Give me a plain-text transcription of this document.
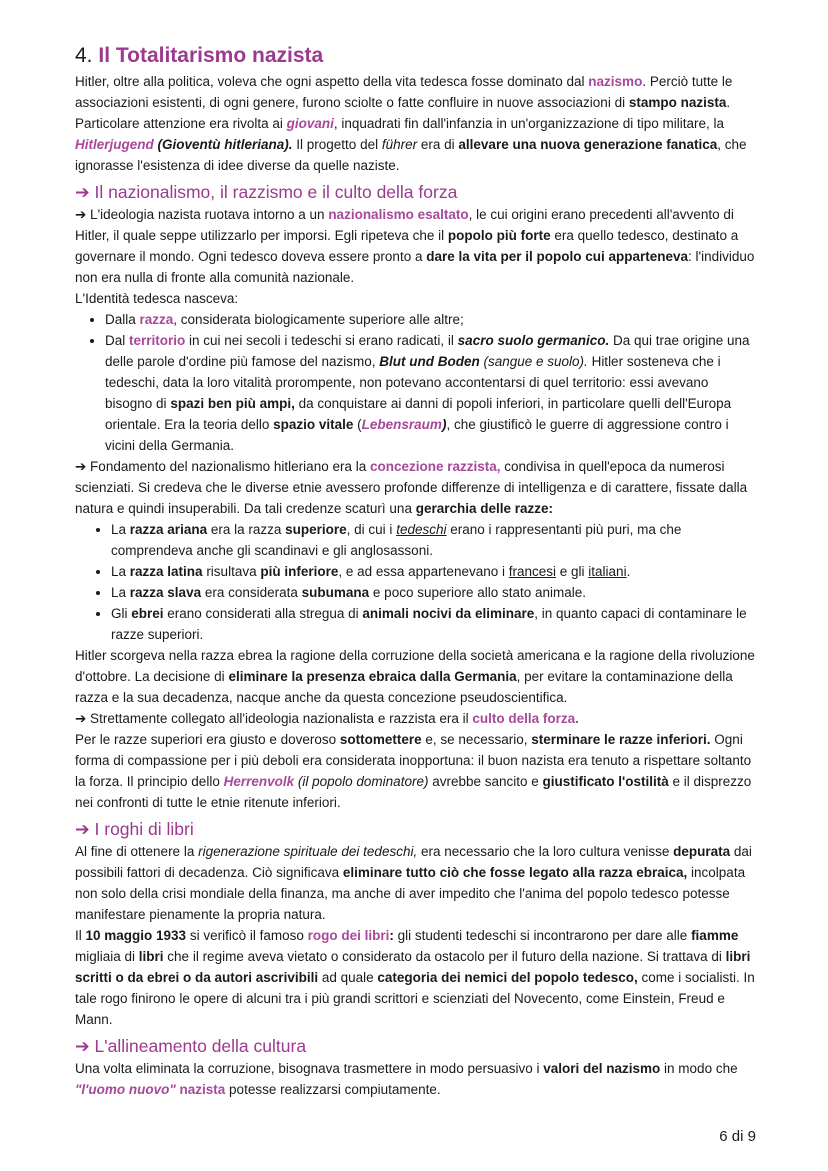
4. Il Totalitarismo nazista

Hitler, oltre alla politica, voleva che ogni aspetto della vita tedesca fosse dominato dal nazismo. Perciò tutte le associazioni esistenti, di ogni genere, furono sciolte o fatte confluire in nuove associazioni di stampo nazista. Particolare attenzione era rivolta ai giovani, inquadrati fin dall'infanzia in un'organizzazione di tipo militare, la Hitlerjugend (Gioventù hitleriana). Il progetto del führer era di allevare una nuova generazione fanatica, che ignorasse l'esistenza di idee diverse da quelle naziste.

➔ Il nazionalismo, il razzismo e il culto della forza

➔ L'ideologia nazista ruotava intorno a un nazionalismo esaltato, le cui origini erano precedenti all'avvento di Hitler, il quale seppe utilizzarlo per imporsi. Egli ripeteva che il popolo più forte era quello tedesco, destinato a governare il mondo. Ogni tedesco doveva essere pronto a dare la vita per il popolo cui apparteneva: l'individuo non era nulla di fronte alla comunità nazionale.

L'Identità tedesca nasceva:

• Dalla razza, considerata biologicamente superiore alle altre;
• Dal territorio in cui nei secoli i tedeschi si erano radicati, il sacro suolo germanico. Da qui trae origine una delle parole d'ordine più famose del nazismo, Blut und Boden (sangue e suolo). Hitler sosteneva che i tedeschi, data la loro vitalità prorompente, non potevano accontentarsi di quel territorio: essi avevano bisogno di spazi ben più ampi, da conquistare ai danni di popoli inferiori, in particolare quelli dell'Europa orientale. Era la teoria dello spazio vitale (Lebensraum), che giustificò le guerre di aggressione contro i vicini della Germania.

➔ Fondamento del nazionalismo hitleriano era la concezione razzista, condivisa in quell'epoca da numerosi scienziati. Si credeva che le diverse etnie avessero profonde differenze di intelligenza e di carattere, fissate dalla natura e quindi insuperabili. Da tali credenze scaturì una gerarchia delle razze:

• La razza ariana era la razza superiore, di cui i tedeschi erano i rappresentanti più puri, ma che comprendeva anche gli scandinavi e gli anglosassoni.
• La razza latina risultava più inferiore, e ad essa appartenevano i francesi e gli italiani.
• La razza slava era considerata subumana e poco superiore allo stato animale.
• Gli ebrei erano considerati alla stregua di animali nocivi da eliminare, in quanto capaci di contaminare le razze superiori.

Hitler scorgeva nella razza ebrea la ragione della corruzione della società americana e la ragione della rivoluzione d'ottobre. La decisione di eliminare la presenza ebraica dalla Germania, per evitare la contaminazione della razza e la sua decadenza, nacque anche da questa concezione pseudoscientifica.

➔ Strettamente collegato all'ideologia nazionalista e razzista era il culto della forza.

Per le razze superiori era giusto e doveroso sottomettere e, se necessario, sterminare le razze inferiori. Ogni forma di compassione per i più deboli era considerata inopportuna: il buon nazista era tenuto a rispettare soltanto la forza. Il principio dello Herrenvolk (il popolo dominatore) avrebbe sancito e giustificato l'ostilità e il disprezzo nei confronti di tutte le etnie ritenute inferiori.

➔ I roghi di libri

Al fine di ottenere la rigenerazione spirituale dei tedeschi, era necessario che la loro cultura venisse depurata dai possibili fattori di decadenza. Ciò significava eliminare tutto ciò che fosse legato alla razza ebraica, incolpata non solo della crisi mondiale della finanza, ma anche di aver impedito che l'anima del popolo tedesco potesse manifestare pienamente la propria natura.

Il 10 maggio 1933 si verificò il famoso rogo dei libri: gli studenti tedeschi si incontrarono per dare alle fiamme migliaia di libri che il regime aveva vietato o considerato da ostacolo per il futuro della nazione. Si trattava di libri scritti o da ebrei o da autori ascrivibili ad quale categoria dei nemici del popolo tedesco, come i socialisti. In tale rogo finirono le opere di alcuni tra i più grandi scrittori e scienziati del Novecento, come Einstein, Freud e Mann.

➔ L'allineamento della cultura

Una volta eliminata la corruzione, bisognava trasmettere in modo persuasivo i valori del nazismo in modo che "l'uomo nuovo" nazista potesse realizzarsi compiutamente.

6 di 9
